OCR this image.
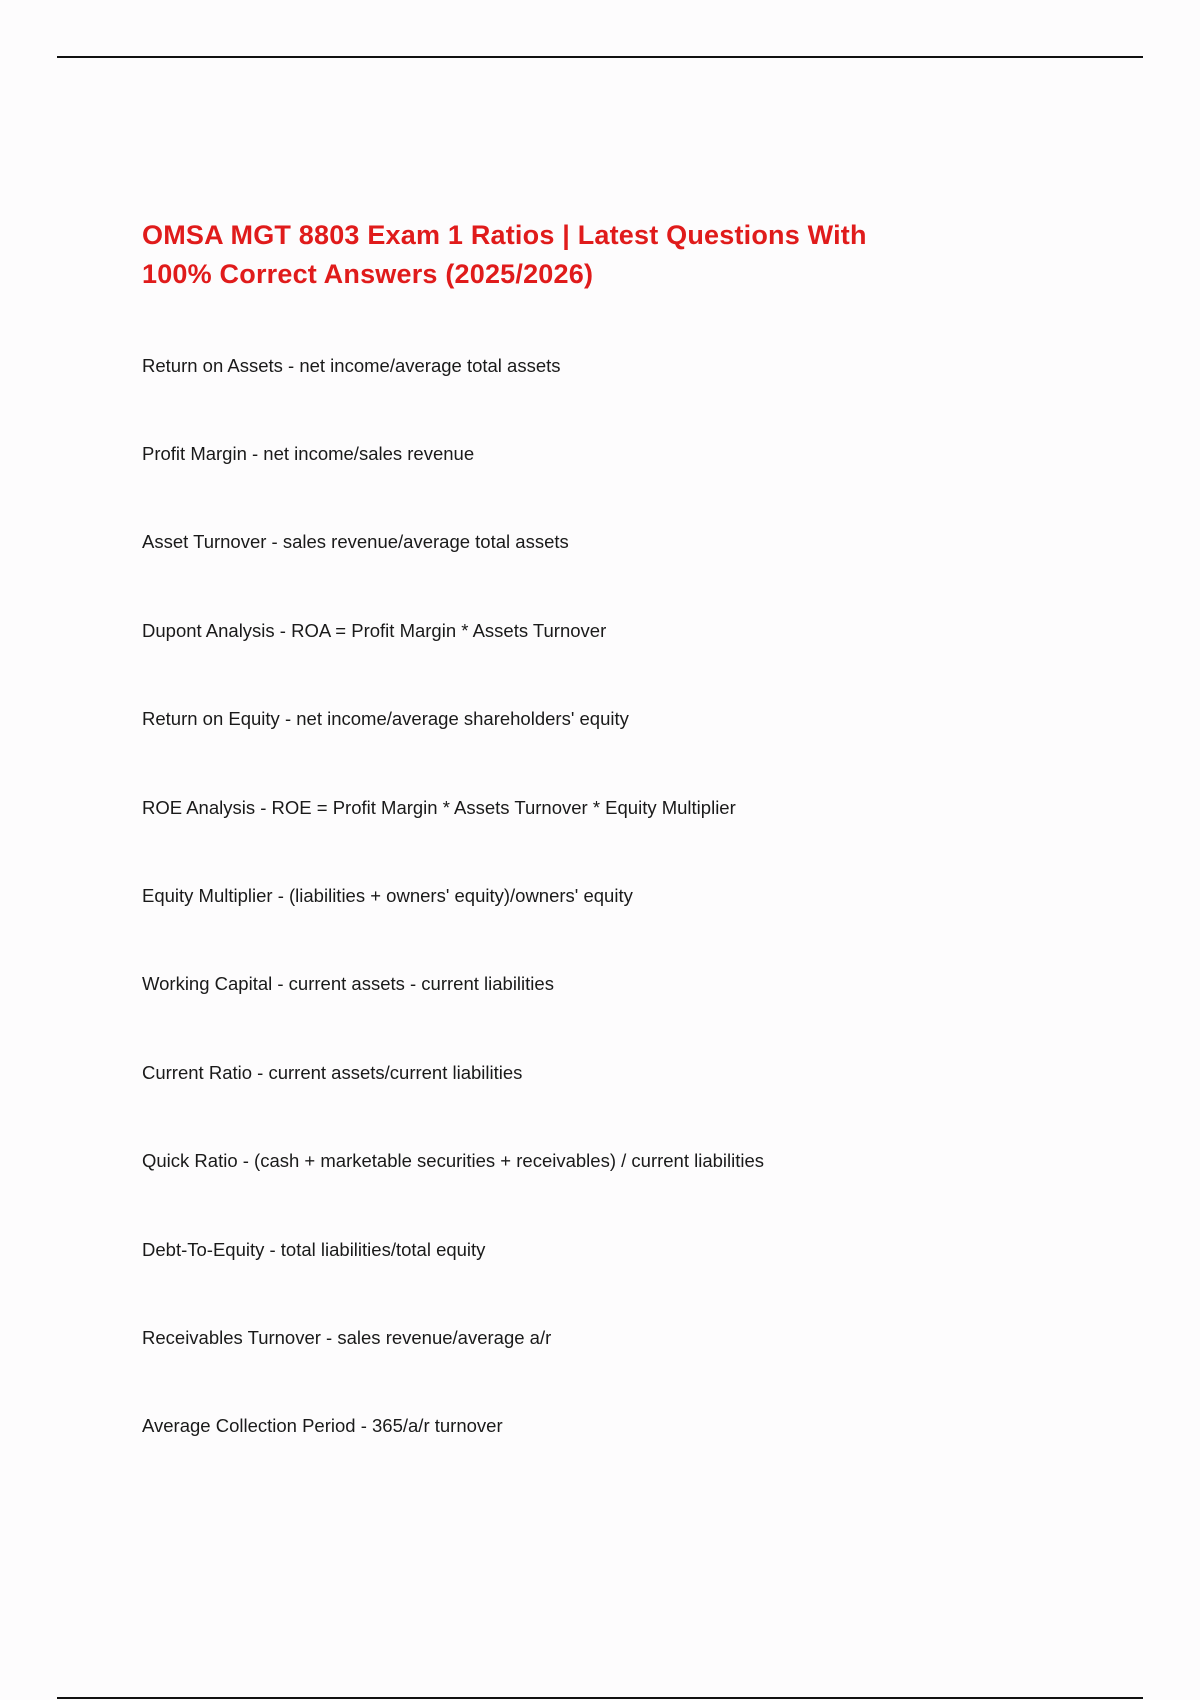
OMSA MGT 8803 Exam 1 Ratios | Latest Questions With
100% Correct Answers (2025/2026)

Return on Assets - net income/average total assets

Profit Margin - net income/sales revenue

Asset Turnover - sales revenue/average total assets

Dupont Analysis - ROA = Profit Margin * Assets Turnover

Return on Equity - net income/average shareholders' equity

ROE Analysis - ROE = Profit Margin * Assets Turnover * Equity Multiplier

Equity Multiplier - (liabilities + owners' equity)/owners' equity

Working Capital - current assets - current liabilities

Current Ratio - current assets/current liabilities

Quick Ratio - (cash + marketable securities + receivables) / current liabilities

Debt-To-Equity - total liabilities/total equity

Receivables Turnover - sales revenue/average a/r

Average Collection Period - 365/a/r turnover
